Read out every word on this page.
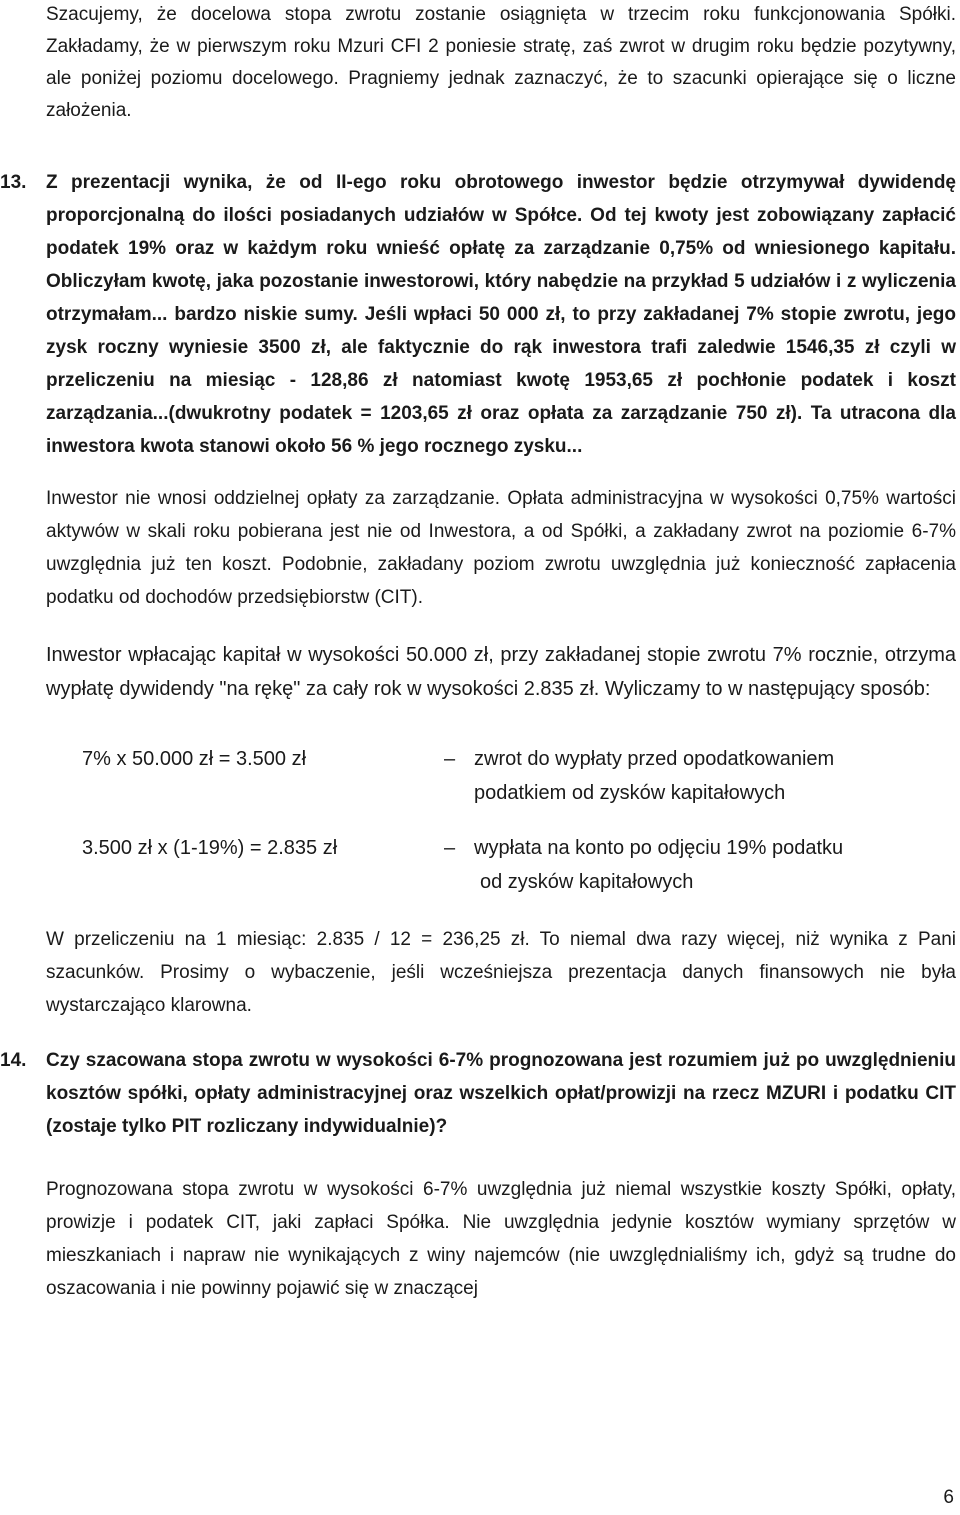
Szacujemy, że docelowa stopa zwrotu zostanie osiągnięta w trzecim roku funkcjonowania Spółki. Zakładamy, że w pierwszym roku Mzuri CFI 2 poniesie stratę, zaś zwrot w drugim roku będzie pozytywny, ale poniżej poziomu docelowego. Pragniemy jednak zaznaczyć, że to szacunki opierające się o liczne założenia.

13.	Z prezentacji wynika, że od II-ego roku obrotowego inwestor będzie otrzymywał dywidendę proporcjonalną do ilości posiadanych udziałów w Spółce. Od tej kwoty jest zobowiązany zapłacić podatek 19% oraz w każdym roku wnieść opłatę za zarządzanie 0,75% od wniesionego kapitału. Obliczyłam kwotę, jaka pozostanie inwestorowi, który nabędzie na przykład 5 udziałów i z wyliczenia otrzymałam... bardzo niskie sumy. Jeśli wpłaci 50 000 zł, to przy zakładanej 7% stopie zwrotu, jego zysk roczny wyniesie 3500 zł, ale faktycznie do rąk inwestora trafi zaledwie 1546,35 zł czyli w przeliczeniu na miesiąc - 128,86 zł natomiast kwotę 1953,65 zł pochłonie podatek i koszt zarządzania...(dwukrotny podatek = 1203,65 zł oraz opłata za zarządzanie 750 zł). Ta utracona dla inwestora kwota stanowi około 56 % jego rocznego zysku...

Inwestor nie wnosi oddzielnej opłaty za zarządzanie. Opłata administracyjna w wysokości 0,75% wartości aktywów w skali roku pobierana jest nie od Inwestora, a od Spółki, a zakładany zwrot na poziomie 6-7% uwzględnia już ten koszt. Podobnie, zakładany poziom zwrotu uwzględnia już konieczność zapłacenia podatku od dochodów przedsiębiorstw (CIT).

Inwestor wpłacając kapitał w wysokości 50.000 zł, przy zakładanej stopie zwrotu 7% rocznie, otrzyma wypłatę dywidendy "na rękę" za cały rok w wysokości 2.835 zł. Wyliczamy to w następujący sposób:

7% x 50.000 zł = 3.500 zł	– zwrot do wypłaty przed opodatkowaniem
podatkiem od zysków kapitałowych
3.500 zł x (1-19%) = 2.835 zł	– wypłata na konto po odjęciu 19% podatku
od zysków kapitałowych

W przeliczeniu na 1 miesiąc: 2.835 / 12 = 236,25 zł. To niemal dwa razy więcej, niż wynika z Pani szacunków. Prosimy o wybaczenie, jeśli wcześniejsza prezentacja danych finansowych nie była wystarczająco klarowna.

14.	Czy szacowana stopa zwrotu w wysokości 6-7% prognozowana jest rozumiem już po uwzględnieniu kosztów spółki, opłaty administracyjnej oraz wszelkich opłat/prowizji na rzecz MZURI i podatku CIT (zostaje tylko PIT rozliczany indywidualnie)?

Prognozowana stopa zwrotu w wysokości 6-7% uwzględnia już niemal wszystkie koszty Spółki, opłaty, prowizje i podatek CIT, jaki zapłaci Spółka. Nie uwzględnia jedynie kosztów wymiany sprzętów w mieszkaniach i napraw nie wynikających z winy najemców (nie uwzględnialiśmy ich, gdyż są trudne do oszacowania i nie powinny pojawić się w znaczącej

6
